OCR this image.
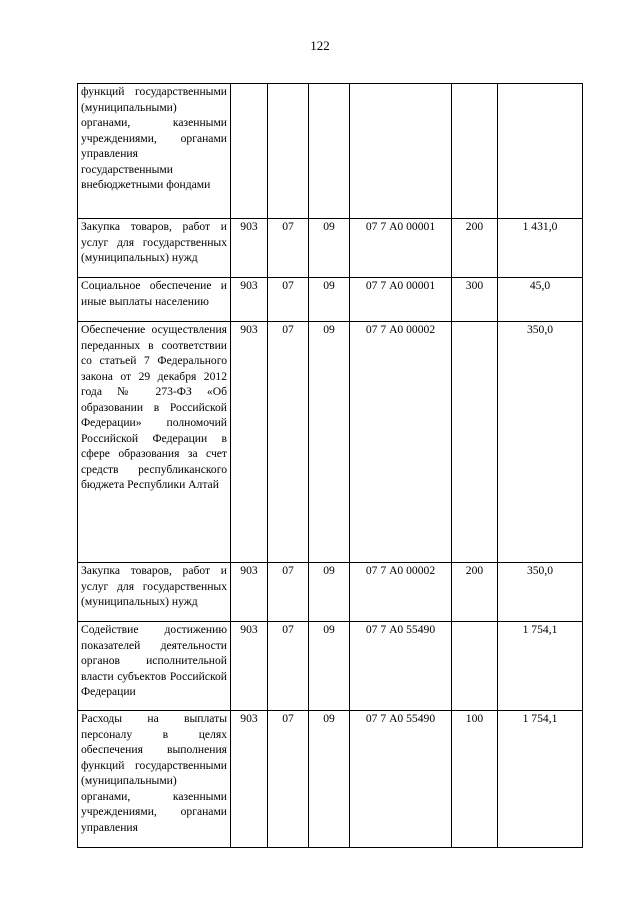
122
функций государственными (муниципальными) органами, казенными учреждениями, органами управления государственными внебюджетными фондами						
Закупка товаров, работ и услуг для государственных (муниципальных) нужд	903	07	09	07 7 А0 00001	200	1 431,0
Социальное обеспечение и иные выплаты населению	903	07	09	07 7 А0 00001	300	45,0
Обеспечение осуществления переданных в соответствии со статьей 7 Федерального закона от 29 декабря 2012 года № 273-ФЗ «Об образовании в Российской Федерации» полномочий Российской Федерации в сфере образования за счет средств республиканского бюджета Республики Алтай	903	07	09	07 7 А0 00002		350,0
Закупка товаров, работ и услуг для государственных (муниципальных) нужд	903	07	09	07 7 А0 00002	200	350,0
Содействие достижению показателей деятельности органов исполнительной власти субъектов Российской Федерации	903	07	09	07 7 А0 55490		1 754,1
Расходы на выплаты персоналу в целях обеспечения выполнения функций государственными (муниципальными) органами, казенными учреждениями, органами управления	903	07	09	07 7 А0 55490	100	1 754,1
